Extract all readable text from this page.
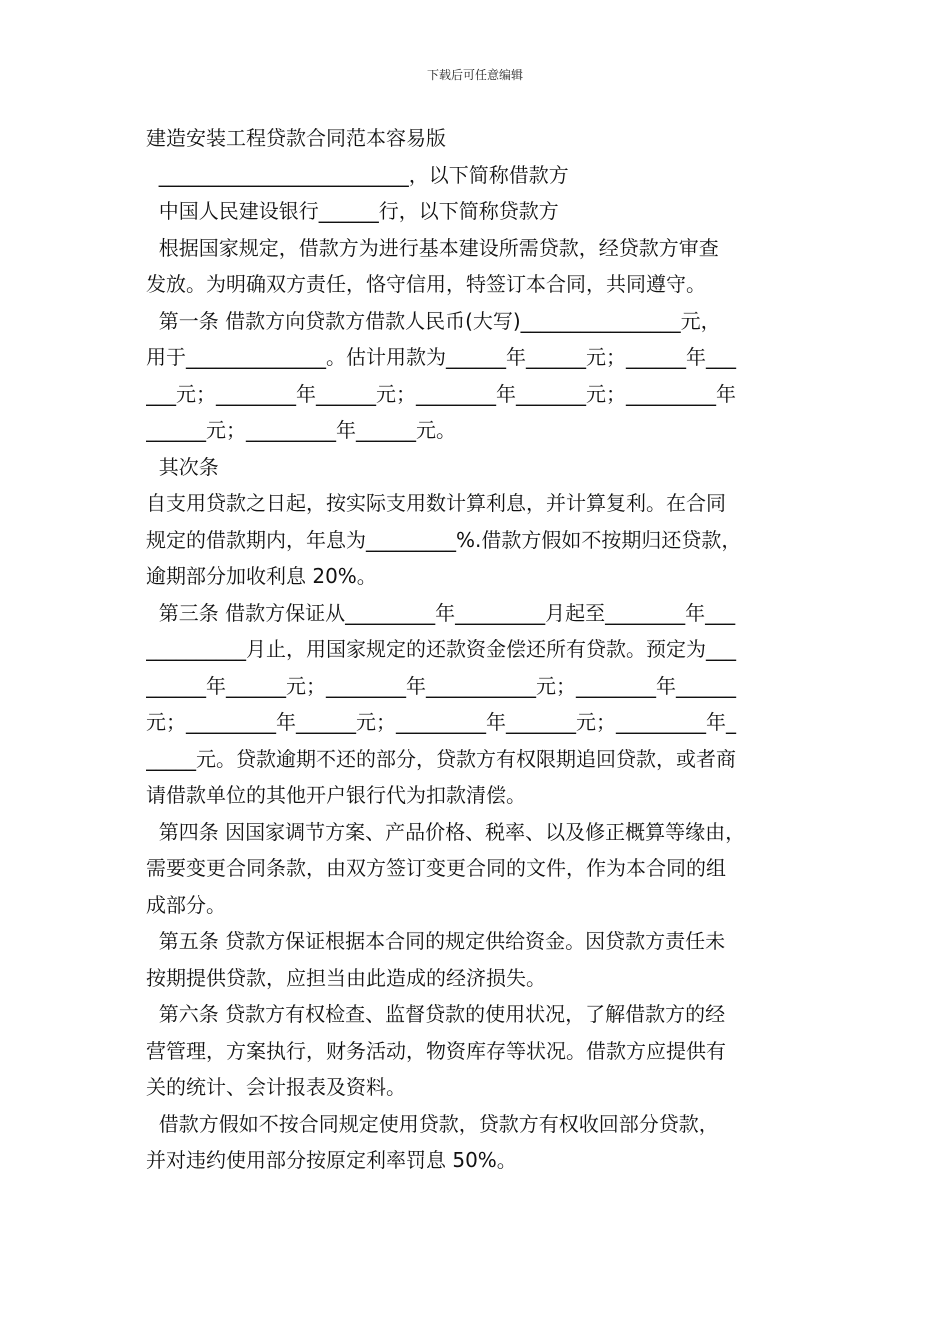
下载后可任意编辑
建造安装工程贷款合同范本容易版
_________________________，以下简称借款方
中国人民建设银行______行，以下简称贷款方
根据国家规定，借款方为进行基本建设所需贷款，经贷款方审查
发放。为明确双方责任，恪守信用，特签订本合同，共同遵守。
第一条 借款方向贷款方借款人民币(大写)________________元，
用于______________。估计用款为______年______元；______年___
___元；________年______元；________年_______元；_________年
______元；_________年______元。
其次条
自支用贷款之日起，按实际支用数计算利息，并计算复利。在合同
规定的借款期内，年息为_________%.借款方假如不按期归还贷款，
逾期部分加收利息 20%。
第三条 借款方保证从_________年_________月起至________年___
__________月止，用国家规定的还款资金偿还所有贷款。预定为___
______年______元；________年___________元；________年______
元；_________年______元；_________年_______元；_________年_
_____元。贷款逾期不还的部分，贷款方有权限期追回贷款，或者商
请借款单位的其他开户银行代为扣款清偿。
第四条 因国家调节方案、产品价格、税率、以及修正概算等缘由，
需要变更合同条款，由双方签订变更合同的文件，作为本合同的组
成部分。
第五条 贷款方保证根据本合同的规定供给资金。因贷款方责任未
按期提供贷款，应担当由此造成的经济损失。
第六条 贷款方有权检查、监督贷款的使用状况，了解借款方的经
营管理，方案执行，财务活动，物资库存等状况。借款方应提供有
关的统计、会计报表及资料。
借款方假如不按合同规定使用贷款，贷款方有权收回部分贷款，
并对违约使用部分按原定利率罚息 50%。
